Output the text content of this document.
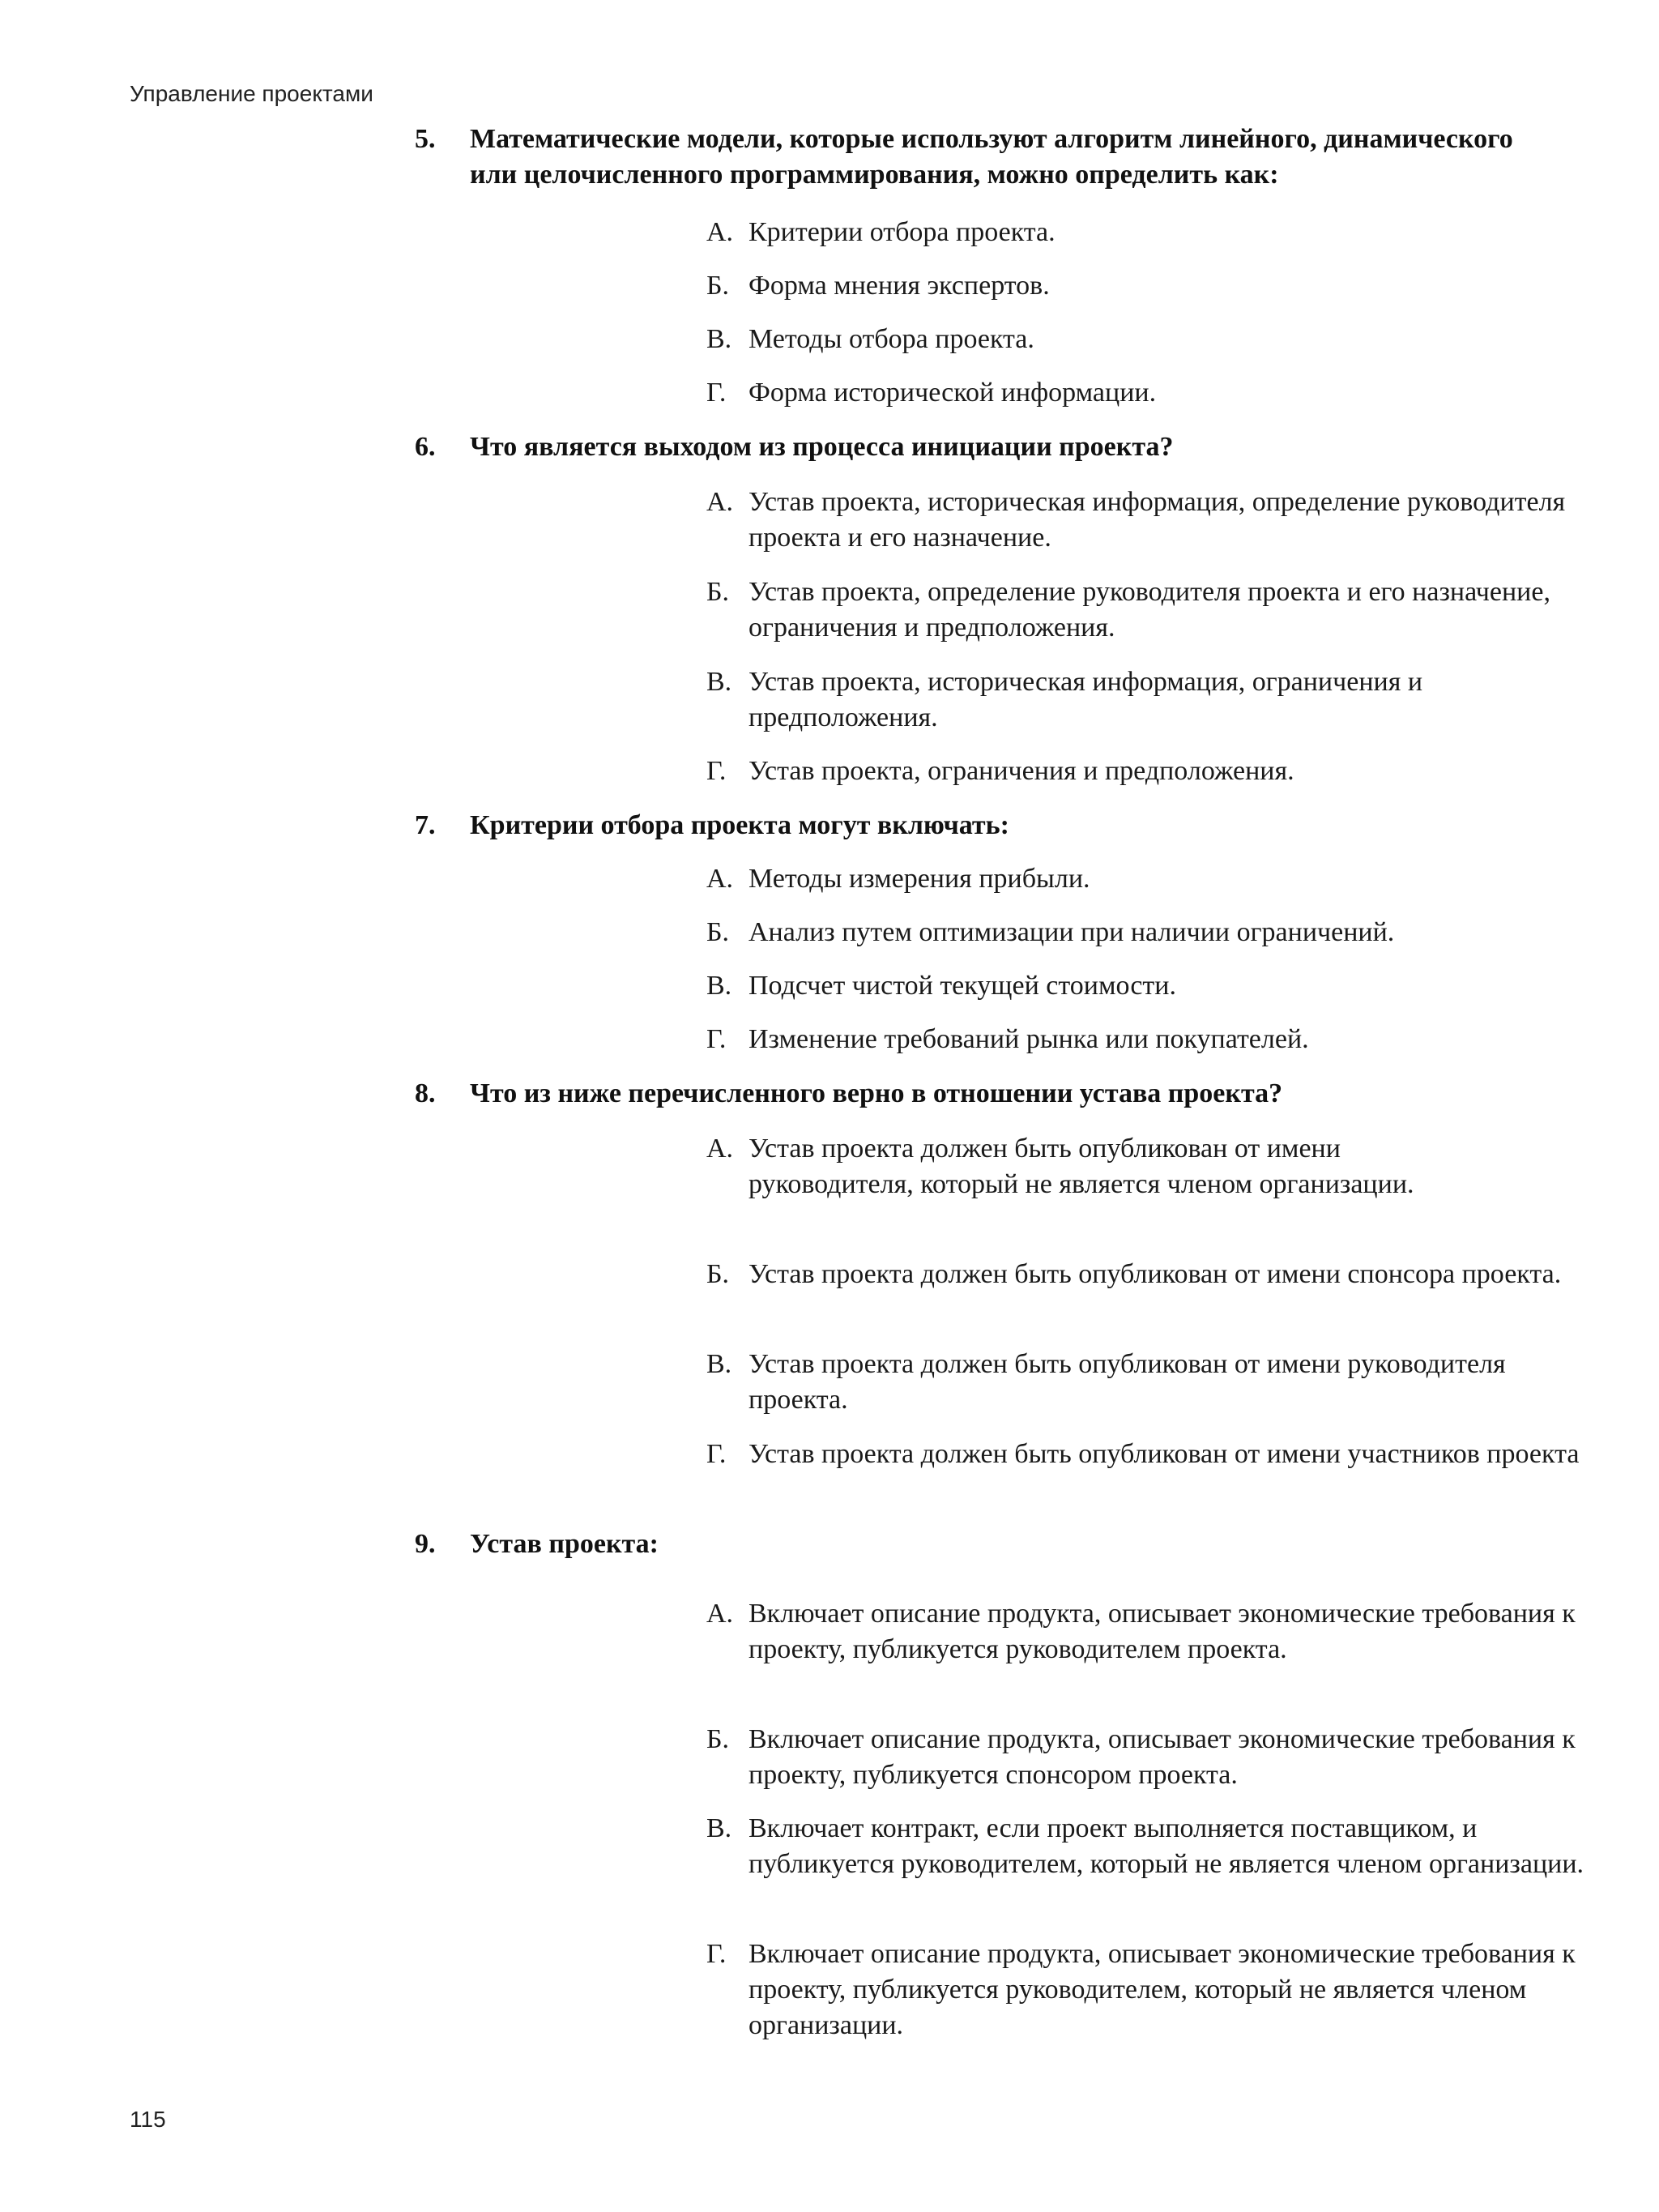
Управление проектами
5. Математические модели, которые используют алгоритм линейного, динамического или целочисленного программирования, можно определить как:
А. Критерии отбора проекта.
Б. Форма мнения экспертов.
В. Методы отбора проекта.
Г. Форма исторической информации.
6. Что является выходом из процесса инициации проекта?
А. Устав проекта, историческая информация, определение руководителя проекта и его назначение.
Б. Устав проекта, определение руководителя проекта и его назначение, ограничения и предположения.
В. Устав проекта, историческая информация, ограничения и предположения.
Г. Устав проекта, ограничения и предположения.
7. Критерии отбора проекта могут включать:
А. Методы измерения прибыли.
Б. Анализ путем оптимизации при наличии ограничений.
В. Подсчет чистой текущей стоимости.
Г. Изменение требований рынка или покупателей.
8. Что из ниже перечисленного верно в отношении устава проекта?
А. Устав проекта должен быть опубликован от имени руководителя, который не является членом организации.
Б. Устав проекта должен быть опубликован от имени спонсора проекта.
В. Устав проекта должен быть опубликован от имени руководителя проекта.
Г. Устав проекта должен быть опубликован от имени участников проекта
9. Устав проекта:
А. Включает описание продукта, описывает экономические требования к проекту, публикуется руководителем проекта.
Б. Включает описание продукта, описывает экономические требования к проекту, публикуется спонсором проекта.
В. Включает контракт, если проект выполняется поставщиком, и публикуется руководителем, который не является членом организации.
Г. Включает описание продукта, описывает экономические требования к проекту, публикуется руководителем, который не является членом организации.
115
